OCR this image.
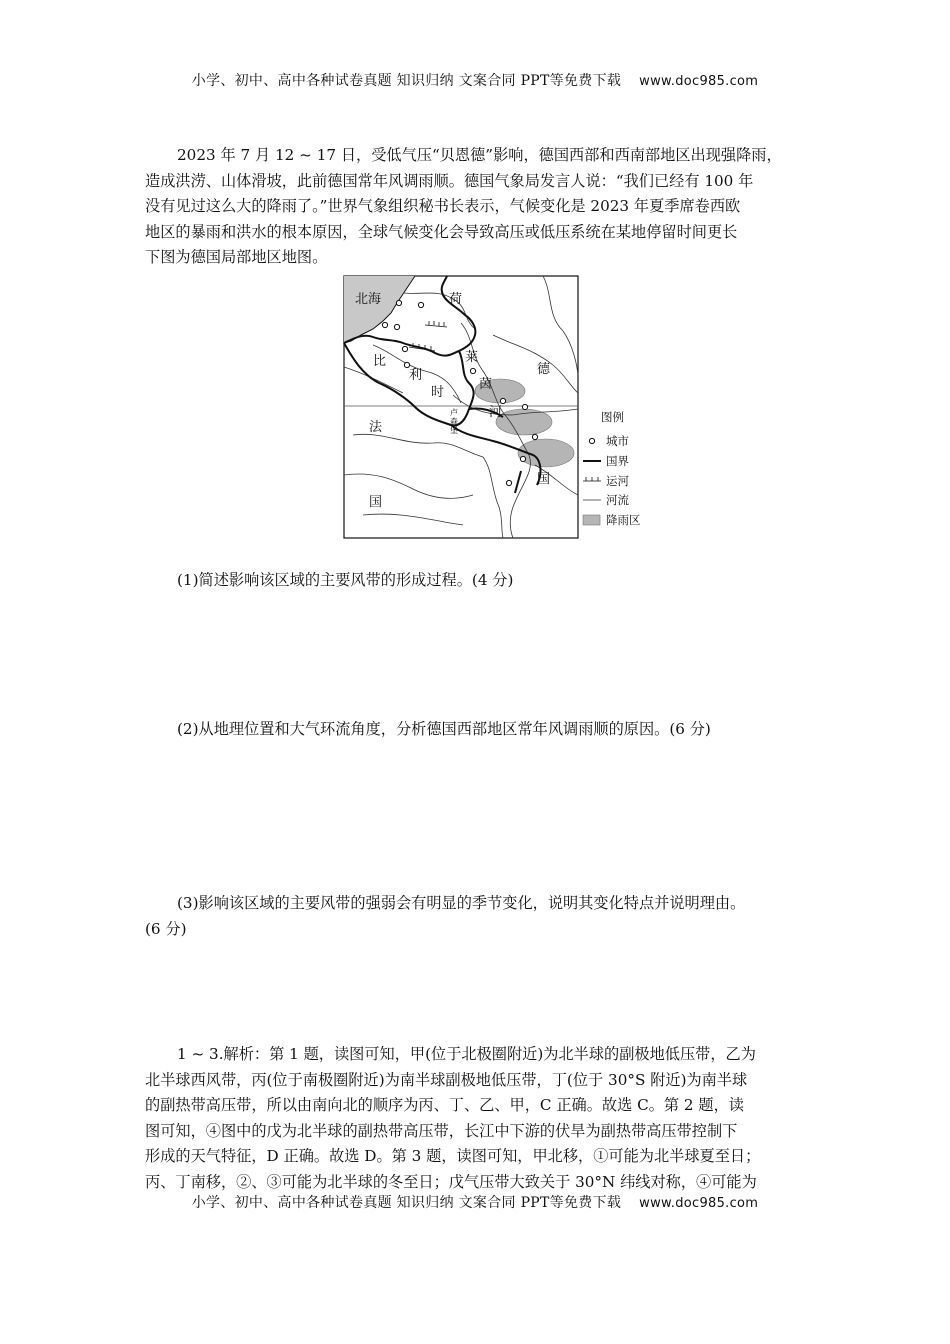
小学、初中、高中各种试卷真题 知识归纳 文案合同 PPT等免费下载 www.doc985.com
2023 年 7 月 12 ~ 17 日，受低气压“贝恩德”影响，德国西部和西南部地区出现强降雨，
造成洪涝、山体滑坡，此前德国常年风调雨顺。德国气象局发言人说：“我们已经有 100 年
没有见过这么大的降雨了。”世界气象组织秘书长表示，气候变化是 2023 年夏季席卷西欧
地区的暴雨和洪水的根本原因，全球气候变化会导致高压或低压系统在某地停留时间更长
下图为德国局部地区地图。
北海	荷
比
利
时
法
国
德
国
莱
茵
河
卢
森
堡
图例
城市
国界
运河
河流
降雨区
(1)简述影响该区域的主要风带的形成过程。(4 分)
(2)从地理位置和大气环流角度，分析德国西部地区常年风调雨顺的原因。(6 分)
(3)影响该区域的主要风带的强弱会有明显的季节变化，说明其变化特点并说明理由。
(6 分)
1 ~ 3.解析：第 1 题，读图可知，甲(位于北极圈附近)为北半球的副极地低压带，乙为
北半球西风带，丙(位于南极圈附近)为南半球副极地低压带，丁(位于 30°S 附近)为南半球
的副热带高压带，所以由南向北的顺序为丙、丁、乙、甲，C 正确。故选 C。第 2 题，读
图可知，④图中的戊为北半球的副热带高压带，长江中下游的伏旱为副热带高压带控制下
形成的天气特征，D 正确。故选 D。第 3 题，读图可知，甲北移，①可能为北半球夏至日；
丙、丁南移，②、③可能为北半球的冬至日；戊气压带大致关于 30°N 纬线对称，④可能为
小学、初中、高中各种试卷真题 知识归纳 文案合同 PPT等免费下载 www.doc985.com
